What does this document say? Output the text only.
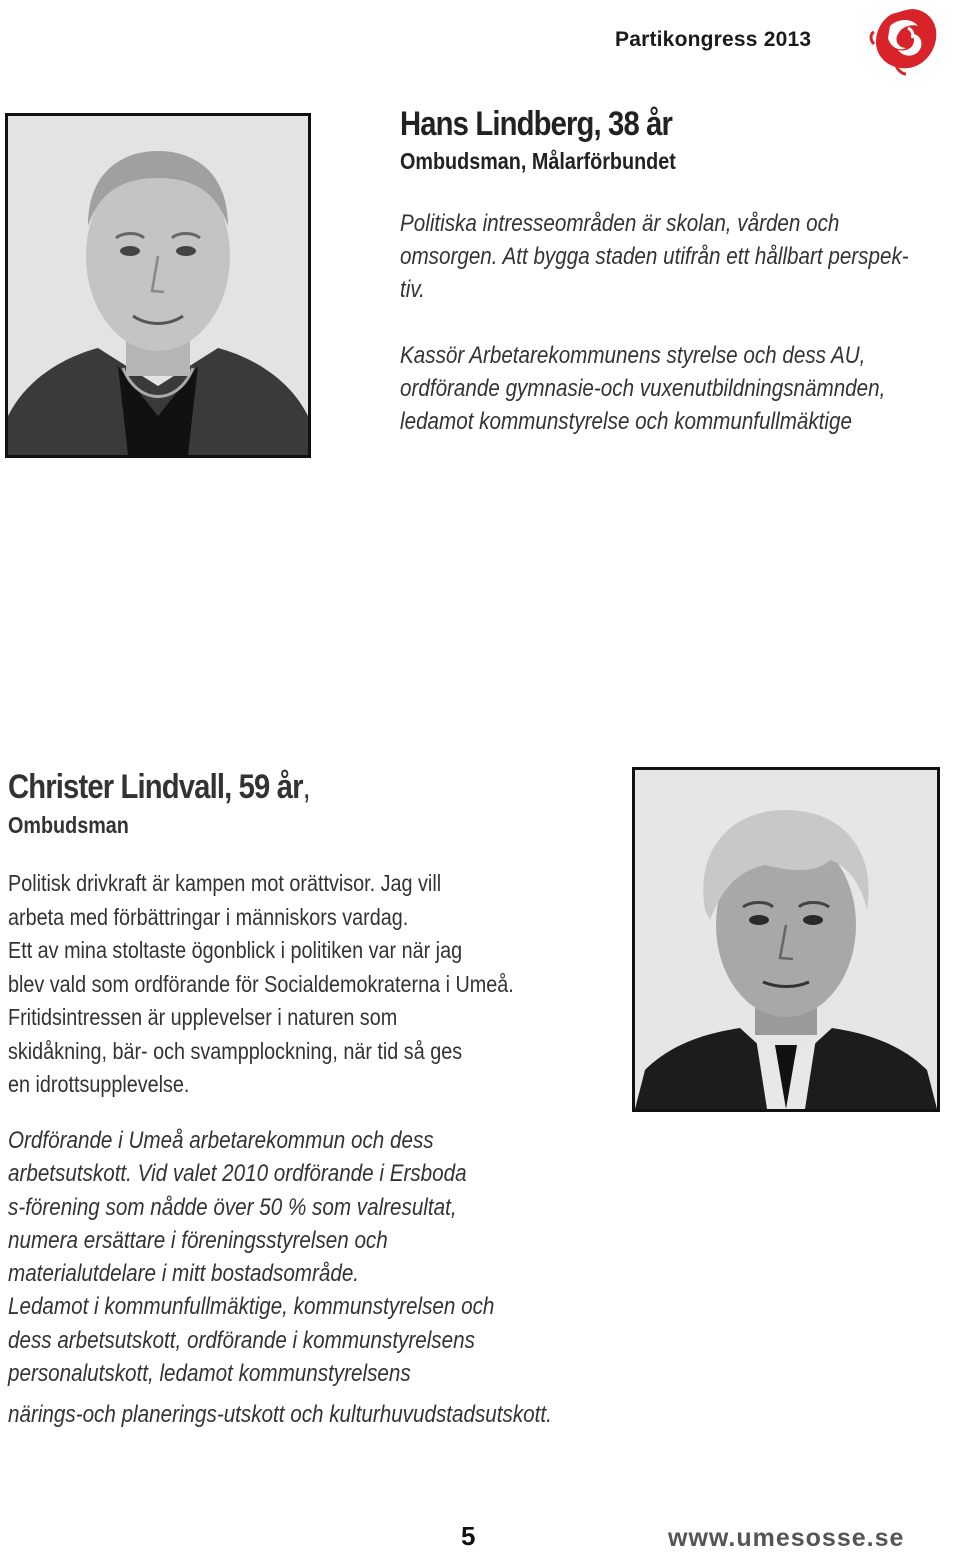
Partikongress 2013
Hans Lindberg, 38 år
Ombudsman, Målarförbundet
Politiska intresseområden är skolan, vården och
omsorgen. Att bygga staden utifrån ett hållbart perspek-
tiv.

Kassör Arbetarekommunens styrelse och dess AU,
ordförande gymnasie-och vuxenutbildningsnämnden,
ledamot kommunstyrelse och kommunfullmäktige
Christer Lindvall, 59 år,
Ombudsman
Politisk drivkraft är kampen mot orättvisor. Jag vill
arbeta med förbättringar i människors vardag.
Ett av mina stoltaste ögonblick i politiken var när jag
blev vald som ordförande för Socialdemokraterna i Umeå.
Fritidsintressen är upplevelser i naturen som
skidåkning, bär- och svampplockning, när tid så ges
en idrottsupplevelse.
Ordförande i Umeå arbetarekommun och dess
arbetsutskott. Vid valet 2010 ordförande i Ersboda
s-förening som nådde över 50 % som valresultat,
numera ersättare i föreningsstyrelsen och
materialutdelare i mitt bostadsområde.
Ledamot i kommunfullmäktige, kommunstyrelsen och
dess arbetsutskott, ordförande i kommunstyrelsens
personalutskott, ledamot kommunstyrelsens
närings-och planerings-utskott och kulturhuvudstadsutskott.
5	www.umesosse.se
